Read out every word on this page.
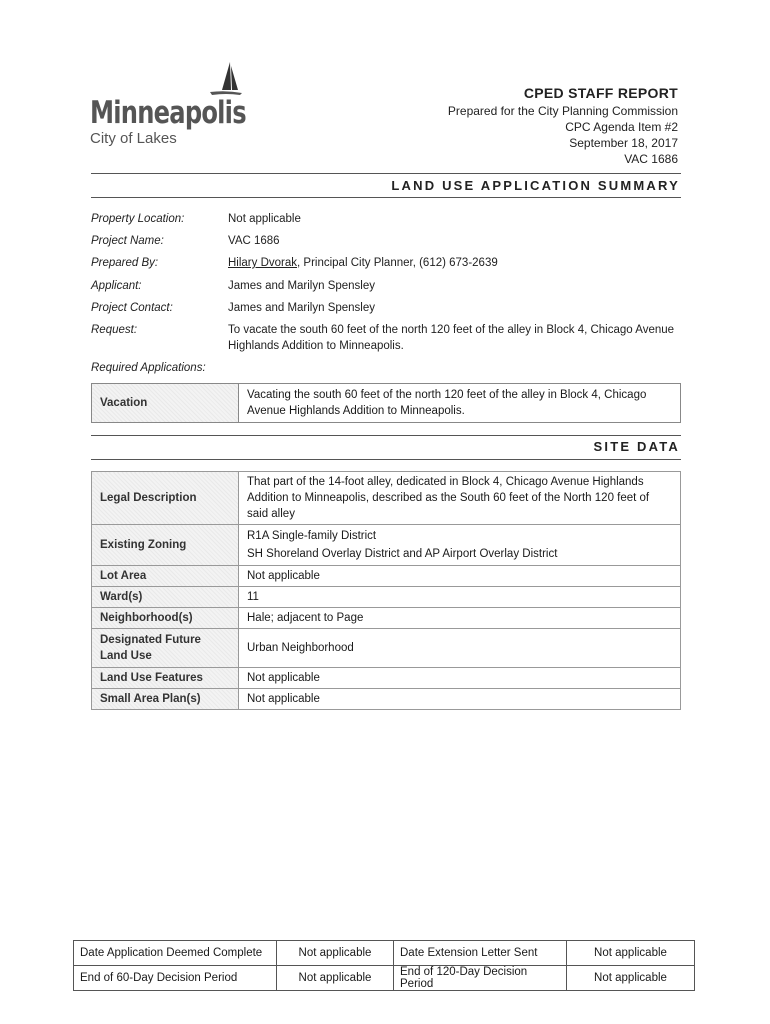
Minneapolis
City of Lakes
CPED STAFF REPORT
Prepared for the City Planning Commission
CPC Agenda Item #2
September 18, 2017
VAC 1686
LAND USE APPLICATION SUMMARY
Property Location:	Not applicable
Project Name:	VAC 1686
Prepared By:	Hilary Dvorak, Principal City Planner, (612) 673-2639
Applicant:	James and Marilyn Spensley
Project Contact:	James and Marilyn Spensley
Request:	To vacate the south 60 feet of the north 120 feet of the alley in Block 4, Chicago Avenue Highlands Addition to Minneapolis.
Required Applications:
Vacation	Vacating the south 60 feet of the north 120 feet of the alley in Block 4, Chicago Avenue Highlands Addition to Minneapolis.
SITE DATA
Legal Description	That part of the 14-foot alley, dedicated in Block 4, Chicago Avenue Highlands Addition to Minneapolis, described as the South 60 feet of the North 120 feet of said alley
Existing Zoning	R1A Single-family District
SH Shoreland Overlay District and AP Airport Overlay District

Lot Area	Not applicable
Ward(s)	11
Neighborhood(s)	Hale; adjacent to Page
Designated Future Land Use	Urban Neighborhood
Land Use Features	Not applicable
Small Area Plan(s)	Not applicable
Date Application Deemed Complete	Not applicable	Date Extension Letter Sent	Not applicable
End of 60-Day Decision Period	Not applicable	End of 120-Day Decision Period	Not applicable
